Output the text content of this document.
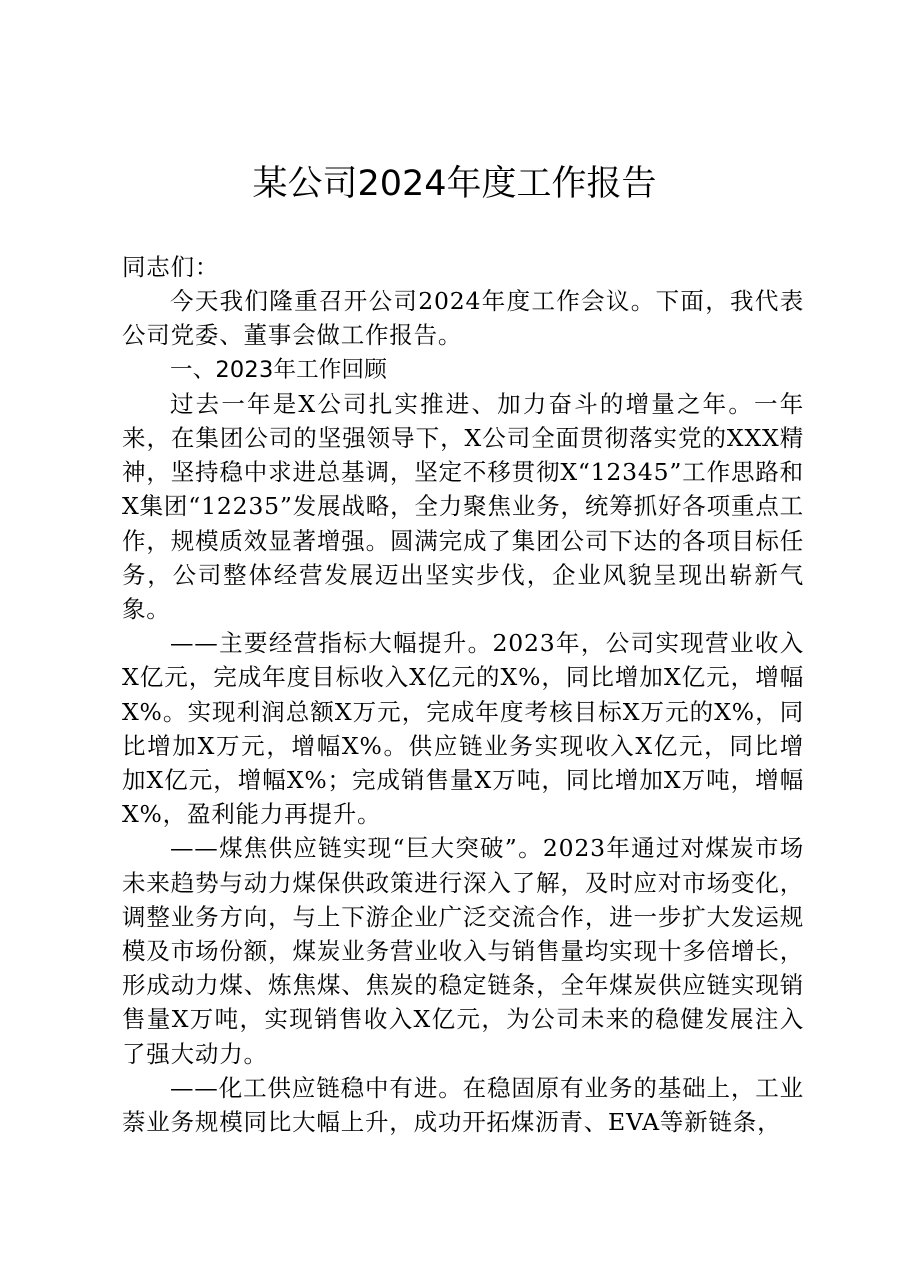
某公司2024年度工作报告

同志们：

今天我们隆重召开公司2024年度工作会议。下面，我代表公司党委、董事会做工作报告。

一、2023年工作回顾

过去一年是X公司扎实推进、加力奋斗的增量之年。一年来，在集团公司的坚强领导下，X公司全面贯彻落实党的XXX精神，坚持稳中求进总基调，坚定不移贯彻X“12345”工作思路和X集团“12235”发展战略，全力聚焦业务，统筹抓好各项重点工作，规模质效显著增强。圆满完成了集团公司下达的各项目标任务，公司整体经营发展迈出坚实步伐，企业风貌呈现出崭新气象。

——主要经营指标大幅提升。2023年，公司实现营业收入X亿元，完成年度目标收入X亿元的X%，同比增加X亿元，增幅X%。实现利润总额X万元，完成年度考核目标X万元的X%，同比增加X万元，增幅X%。供应链业务实现收入X亿元，同比增加X亿元，增幅X%；完成销售量X万吨，同比增加X万吨，增幅X%，盈利能力再提升。

——煤焦供应链实现“巨大突破”。2023年通过对煤炭市场未来趋势与动力煤保供政策进行深入了解，及时应对市场变化，调整业务方向，与上下游企业广泛交流合作，进一步扩大发运规模及市场份额，煤炭业务营业收入与销售量均实现十多倍增长，形成动力煤、炼焦煤、焦炭的稳定链条，全年煤炭供应链实现销售量X万吨，实现销售收入X亿元，为公司未来的稳健发展注入了强大动力。

——化工供应链稳中有进。在稳固原有业务的基础上，工业萘业务规模同比大幅上升，成功开拓煤沥青、EVA等新链条，
